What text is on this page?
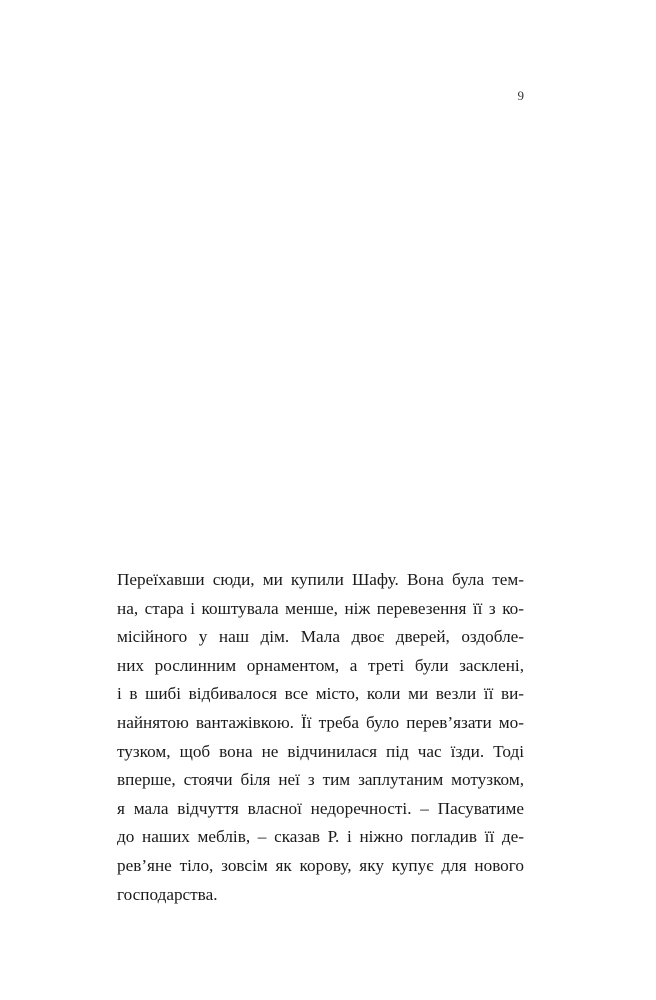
9
Переїхавши сюди, ми купили Шафу. Вона була тем-
на, стара і коштувала менше, ніж перевезення її з ко-
місійного у наш дім. Мала двоє дверей, оздобле-
них рослинним орнаментом, а треті були засклені,
і в шибі відбивалося все місто, коли ми везли її ви-
найнятою вантажівкою. Її треба було перев’язати мо-
тузком, щоб вона не відчинилася під час їзди. Тоді
вперше, стоячи біля неї з тим заплутаним мотузком,
я мала відчуття власної недоречності. – Пасуватиме
до наших меблів, – сказав Р. і ніжно погладив її де-
рев’яне тіло, зовсім як корову, яку купує для нового
господарства.
